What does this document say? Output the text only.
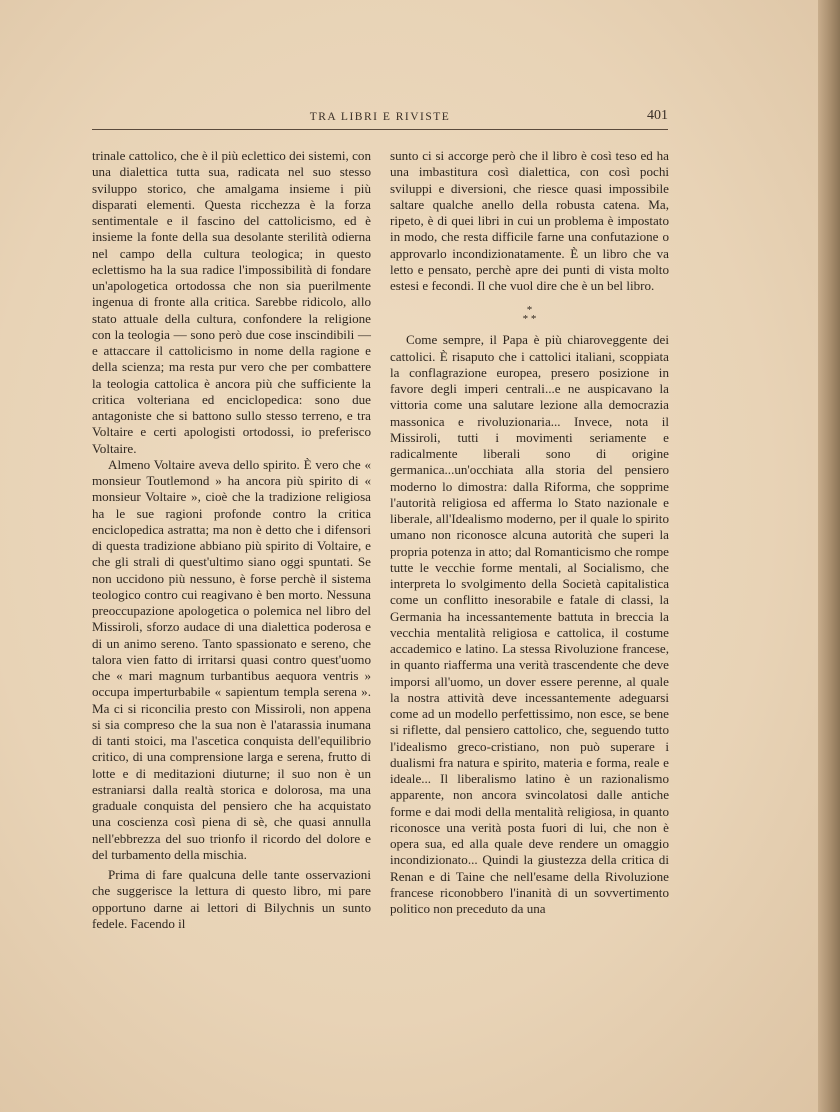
TRA LIBRI E RIVISTE	401

trinale cattolico, che è il più eclettico dei sistemi, con una dialettica tutta sua, radicata nel suo stesso sviluppo storico, che amalgama insieme i più disparati elementi. Questa ricchezza è la forza sentimentale e il fascino del cattolicismo, ed è insieme la fonte della sua desolante sterilità odierna nel campo della cultura teologica; in questo eclettismo ha la sua radice l'impossibilità di fondare un'apologetica ortodossa che non sia puerilmente ingenua di fronte alla critica. Sarebbe ridicolo, allo stato attuale della cultura, confondere la religione con la teologia — sono però due cose inscindibili — e attaccare il cattolicismo in nome della ragione e della scienza; ma resta pur vero che per combattere la teologia cattolica è ancora più che sufficiente la critica volteriana ed enciclopedica: sono due antagoniste che si battono sullo stesso terreno, e tra Voltaire e certi apologisti ortodossi, io preferisco Voltaire.

Almeno Voltaire aveva dello spirito. È vero che « monsieur Toutlemond » ha ancora più spirito di « monsieur Voltaire », cioè che la tradizione religiosa ha le sue ragioni profonde contro la critica enciclopedica astratta; ma non è detto che i difensori di questa tradizione abbiano più spirito di Voltaire, e che gli strali di quest'ultimo siano oggi spuntati. Se non uccidono più nessuno, è forse perchè il sistema teologico contro cui reagivano è ben morto. Nessuna preoccupazione apologetica o polemica nel libro del Missiroli, sforzo audace di una dialettica poderosa e di un animo sereno. Tanto spassionato e sereno, che talora vien fatto di irritarsi quasi contro quest'uomo che « mari magnum turbantibus aequora ventris » occupa imperturbabile « sapientum templa serena ». Ma ci si riconcilia presto con Missiroli, non appena si sia compreso che la sua non è l'atarassia inumana di tanti stoici, ma l'ascetica conquista dell'equilibrio critico, di una comprensione larga e serena, frutto di lotte e di meditazioni diuturne; il suo non è un estraniarsi dalla realtà storica e dolorosa, ma una graduale conquista del pensiero che ha acquistato una coscienza così piena di sè, che quasi annulla nell'ebbrezza del suo trionfo il ricordo del dolore e del turbamento della mischia.

Prima di fare qualcuna delle tante osservazioni che suggerisce la lettura di questo libro, mi pare opportuno darne ai lettori di Bilychnis un sunto fedele. Facendo il

sunto ci si accorge però che il libro è così teso ed ha una imbastitura così dialettica, con così pochi sviluppi e diversioni, che riesce quasi impossibile saltare qualche anello della robusta catena. Ma, ripeto, è di quei libri in cui un problema è impostato in modo, che resta difficile farne una confutazione o approvarlo incondizionatamente. È un libro che va letto e pensato, perchè apre dei punti di vista molto estesi e fecondi. Il che vuol dire che è un bel libro.

*
* *

Come sempre, il Papa è più chiaroveggente dei cattolici. È risaputo che i cattolici italiani, scoppiata la conflagrazione europea, presero posizione in favore degli imperi centrali...e ne auspicavano la vittoria come una salutare lezione alla democrazia massonica e rivoluzionaria... Invece, nota il Missiroli, tutti i movimenti seriamente e radicalmente liberali sono di origine germanica...un'occhiata alla storia del pensiero moderno lo dimostra: dalla Riforma, che sopprime l'autorità religiosa ed afferma lo Stato nazionale e liberale, all'Idealismo moderno, per il quale lo spirito umano non riconosce alcuna autorità che superi la propria potenza in atto; dal Romanticismo che rompe tutte le vecchie forme mentali, al Socialismo, che interpreta lo svolgimento della Società capitalistica come un conflitto inesorabile e fatale di classi, la Germania ha incessantemente battuta in breccia la vecchia mentalità religiosa e cattolica, il costume accademico e latino. La stessa Rivoluzione francese, in quanto riafferma una verità trascendente che deve imporsi all'uomo, un dover essere perenne, al quale la nostra attività deve incessantemente adeguarsi come ad un modello perfettissimo, non esce, se bene si riflette, dal pensiero cattolico, che, seguendo tutto l'idealismo greco-cristiano, non può superare i dualismi fra natura e spirito, materia e forma, reale e ideale... Il liberalismo latino è un razionalismo apparente, non ancora svincolatosi dalle antiche forme e dai modi della mentalità religiosa, in quanto riconosce una verità posta fuori di lui, che non è opera sua, ed alla quale deve rendere un omaggio incondizionato... Quindi la giustezza della critica di Renan e di Taine che nell'esame della Rivoluzione francese riconobbero l'inanità di un sovvertimento politico non preceduto da una
